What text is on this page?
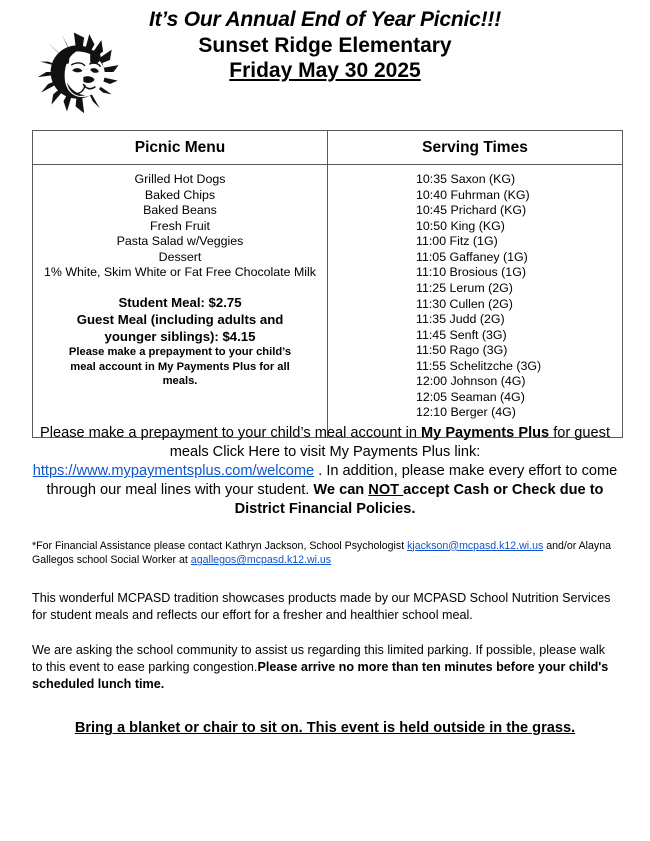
It’s Our Annual End of Year Picnic!!!
Sunset Ridge Elementary
Friday May 30 2025
Picnic Menu	Serving Times

Grilled Hot Dogs
Baked Chips
Baked Beans
Fresh Fruit
Pasta Salad w/Veggies
Dessert
1% White, Skim White or Fat Free Chocolate Milk
Student Meal: $2.75
Guest Meal (including adults and
younger siblings): $4.15
Please make a prepayment to your child’s meal account in My Payments Plus for all meals.

10:35 Saxon (KG)
10:40 Fuhrman (KG)
10:45 Prichard (KG)
10:50 King (KG)
11:00 Fitz (1G)
11:05 Gaffaney (1G)
11:10 Brosious (1G)
11:25 Lerum (2G)
11:30 Cullen (2G)
11:35 Judd (2G)
11:45 Senft (3G)
11:50 Rago (3G)
11:55 Schelitzche (3G)
12:00 Johnson (4G)
12:05 Seaman (4G)
12:10 Berger (4G)

Please make a prepayment to your child’s meal account in My Payments Plus for guest meals Click Here to visit My Payments Plus link: https://www.mypaymentsplus.com/welcome . In addition, please make every effort to come through our meal lines with your student. We can NOT accept Cash or Check due to District Financial Policies.

*For Financial Assistance please contact Kathryn Jackson, School Psychologist kjackson@mcpasd.k12.wi.us and/or Alayna Gallegos school Social Worker at agallegos@mcpasd.k12.wi.us

This wonderful MCPASD tradition showcases products made by our MCPASD School Nutrition Services for student meals and reflects our effort for a fresher and healthier school meal.

We are asking the school community to assist us regarding this limited parking. If possible, please walk to this event to ease parking congestion.Please arrive no more than ten minutes before your child's scheduled lunch time.

Bring a blanket or chair to sit on. This event is held outside in the grass.
